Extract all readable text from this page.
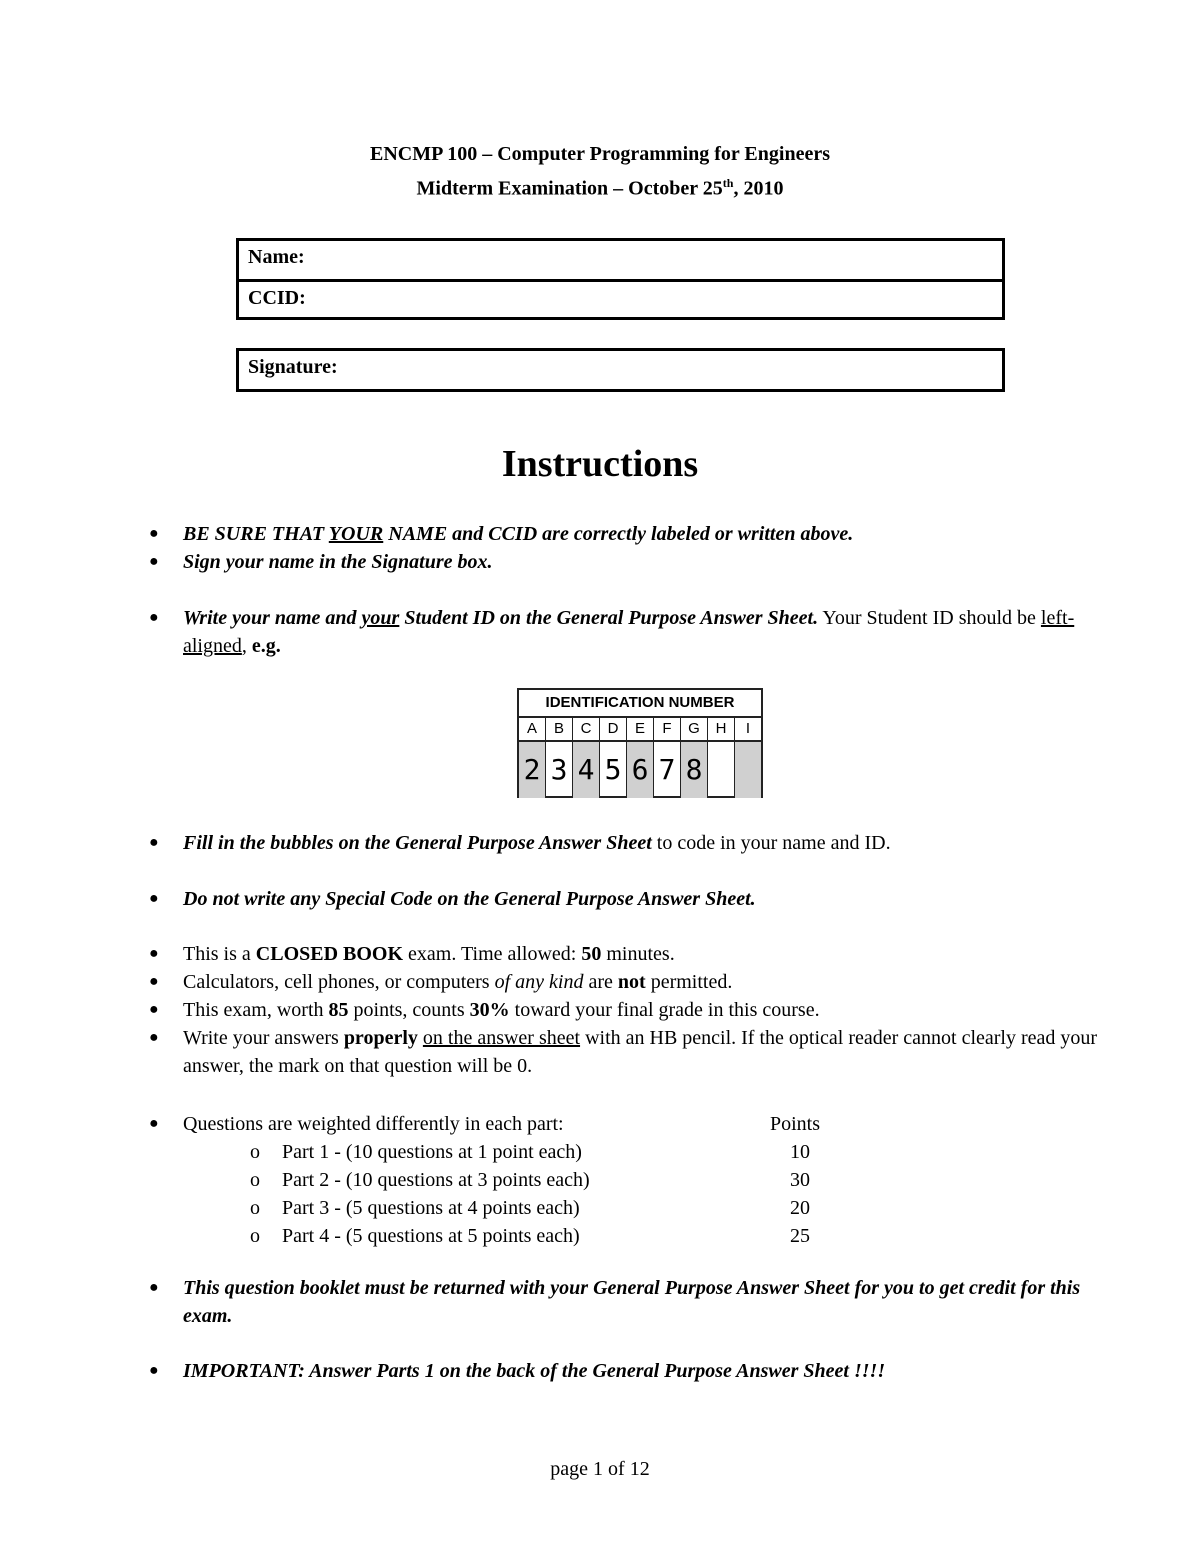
ENCMP 100 – Computer Programming for Engineers
Midterm Examination – October 25th, 2010
Name:
CCID:
Signature:
Instructions
● BE SURE THAT YOUR NAME and CCID are correctly labeled or written above.
● Sign your name in the Signature box.
● Write your name and your Student ID on the General Purpose Answer Sheet. Your Student ID should be left-aligned, e.g.
IDENTIFICATION NUMBER
A	B	C	D	E	F	G	H	I
2 3 4 5 6 7 8
● Fill in the bubbles on the General Purpose Answer Sheet to code in your name and ID.
● Do not write any Special Code on the General Purpose Answer Sheet.
● This is a CLOSED BOOK exam. Time allowed: 50 minutes.
● Calculators, cell phones, or computers of any kind are not permitted.
● This exam, worth 85 points, counts 30% toward your final grade in this course.
● Write your answers properly on the answer sheet with an HB pencil. If the optical reader cannot clearly read your answer, the mark on that question will be 0.
● Questions are weighted differently in each part:	Points
o Part 1 - (10 questions at 1 point each)	10
o Part 2 - (10 questions at 3 points each)	30
o Part 3 - (5 questions at 4 points each)	20
o Part 4 - (5 questions at 5 points each)	25
● This question booklet must be returned with your General Purpose Answer Sheet for you to get credit for this exam.
● IMPORTANT: Answer Parts 1 on the back of the General Purpose Answer Sheet !!!!
page 1 of 12
